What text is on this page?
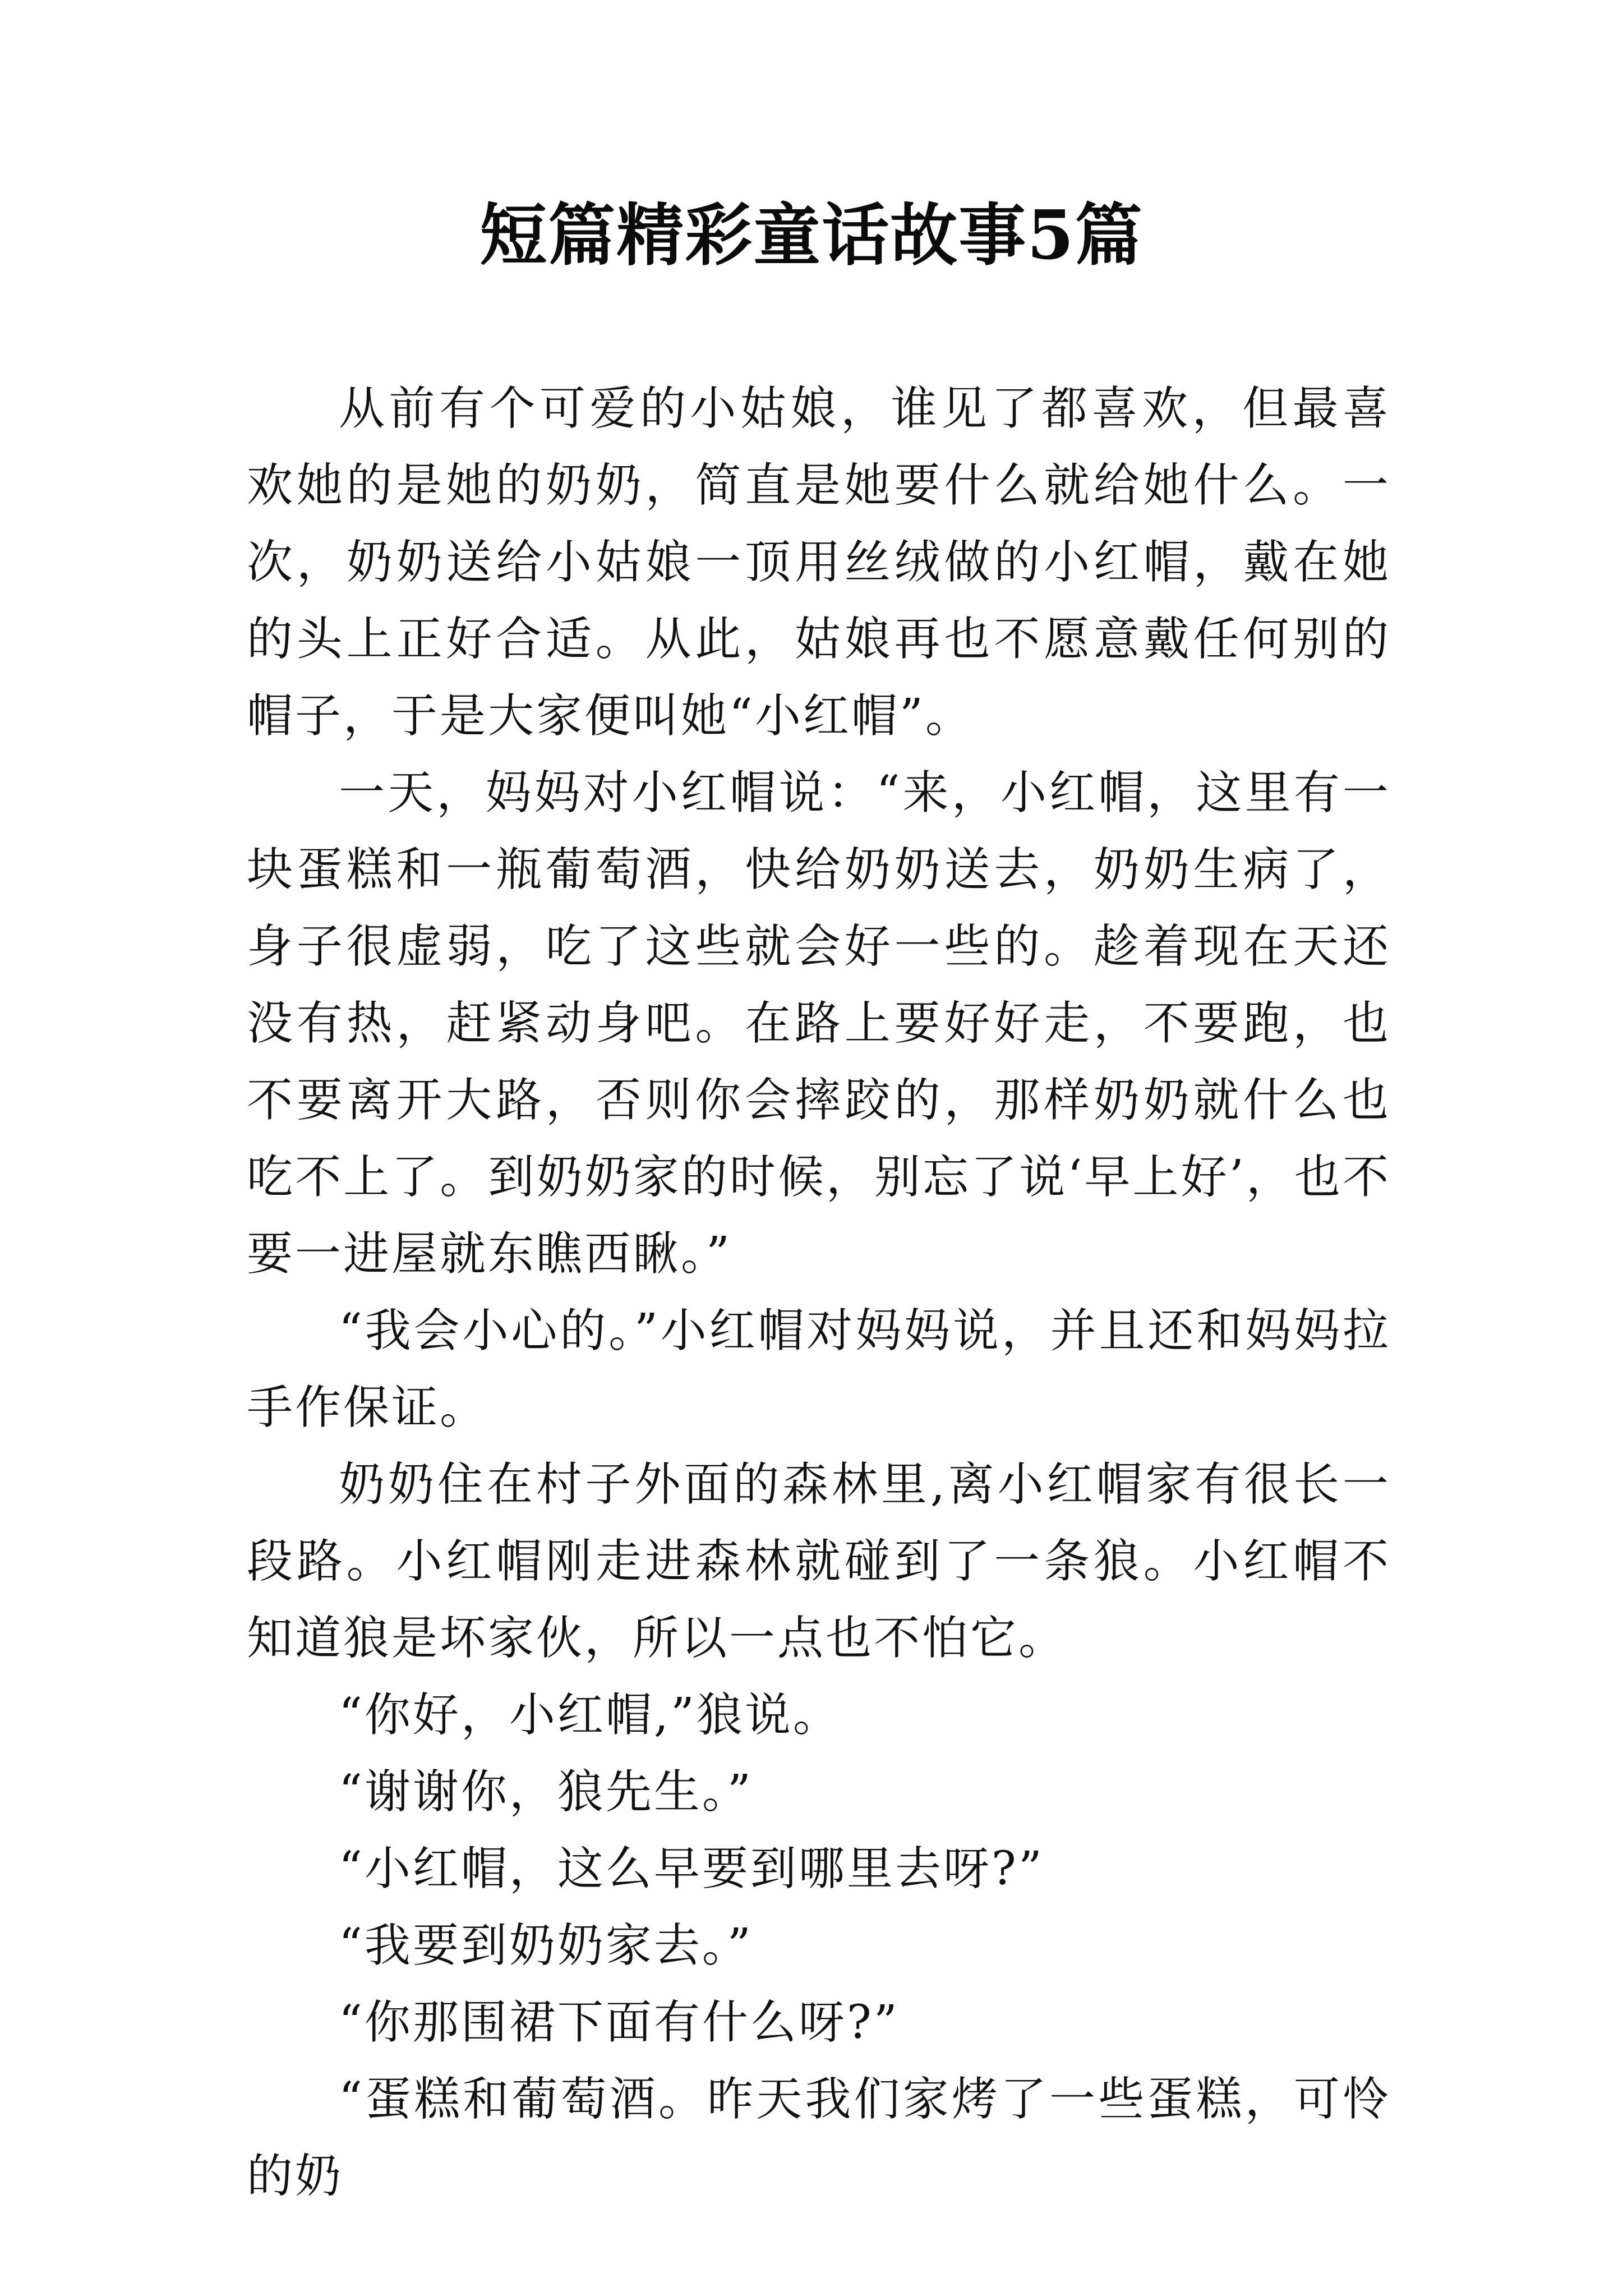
短篇精彩童话故事5篇

从前有个可爱的小姑娘，谁见了都喜欢，但最喜欢她的是她的奶奶，简直是她要什么就给她什么。一次，奶奶送给小姑娘一顶用丝绒做的小红帽，戴在她的头上正好合适。从此，姑娘再也不愿意戴任何别的帽子，于是大家便叫她“小红帽”。

一天，妈妈对小红帽说：“来，小红帽，这里有一块蛋糕和一瓶葡萄酒，快给奶奶送去，奶奶生病了，身子很虚弱，吃了这些就会好一些的。趁着现在天还没有热，赶紧动身吧。在路上要好好走，不要跑，也不要离开大路，否则你会摔跤的，那样奶奶就什么也吃不上了。到奶奶家的时候，别忘了说‘早上好’，也不要一进屋就东瞧西瞅。”

“我会小心的。”小红帽对妈妈说，并且还和妈妈拉手作保证。

奶奶住在村子外面的森林里,离小红帽家有很长一段路。小红帽刚走进森林就碰到了一条狼。小红帽不知道狼是坏家伙，所以一点也不怕它。

“你好，小红帽,”狼说。

“谢谢你，狼先生。”

“小红帽，这么早要到哪里去呀?”

“我要到奶奶家去。”

“你那围裙下面有什么呀?”

“蛋糕和葡萄酒。昨天我们家烤了一些蛋糕，可怜的奶
